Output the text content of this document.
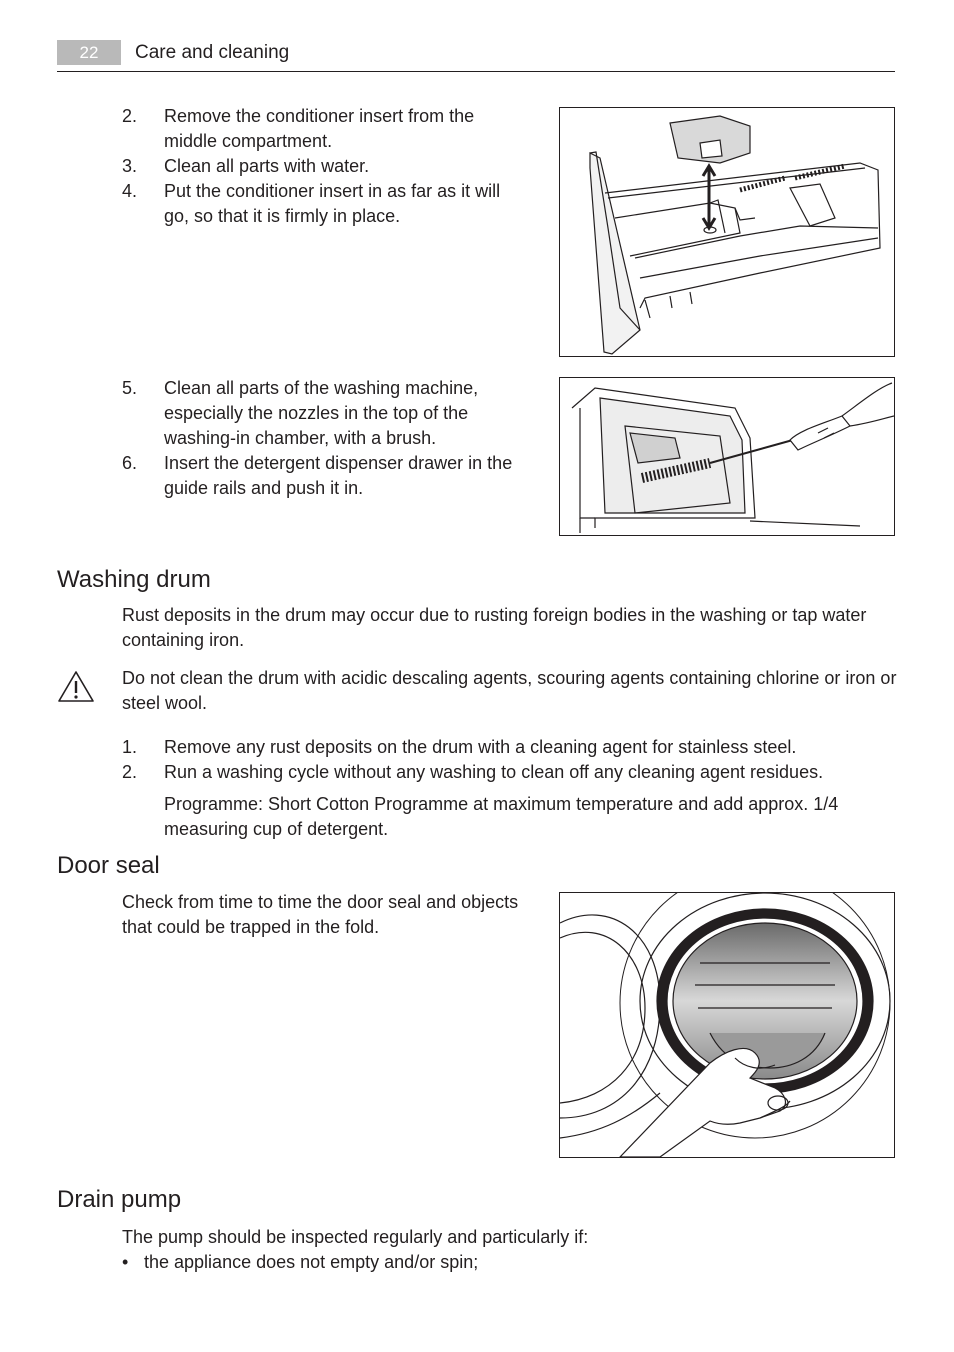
22	Care and cleaning
2. Remove the conditioner insert from the middle compartment.

3. Clean all parts with water.

4. Put the conditioner insert in as far as it will go, so that it is firmly in place.

5. Clean all parts of the washing machine, especially the nozzles in the top of the washing-in chamber, with a brush.

6. Insert the detergent dispenser drawer in the guide rails and push it in.

Washing drum

Rust deposits in the drum may occur due to rusting foreign bodies in the washing or tap water containing iron.

Do not clean the drum with acidic descaling agents, scouring agents containing chlorine or iron or steel wool.

1. Remove any rust deposits on the drum with a cleaning agent for stainless steel.

2. Run a washing cycle without any washing to clean off any cleaning agent residues.

Programme: Short Cotton Programme at maximum temperature and add approx. 1/4 measuring cup of detergent.

Door seal

Check from time to time the door seal and objects that could be trapped in the fold.

Drain pump

The pump should be inspected regularly and particularly if:

• the appliance does not empty and/or spin;
